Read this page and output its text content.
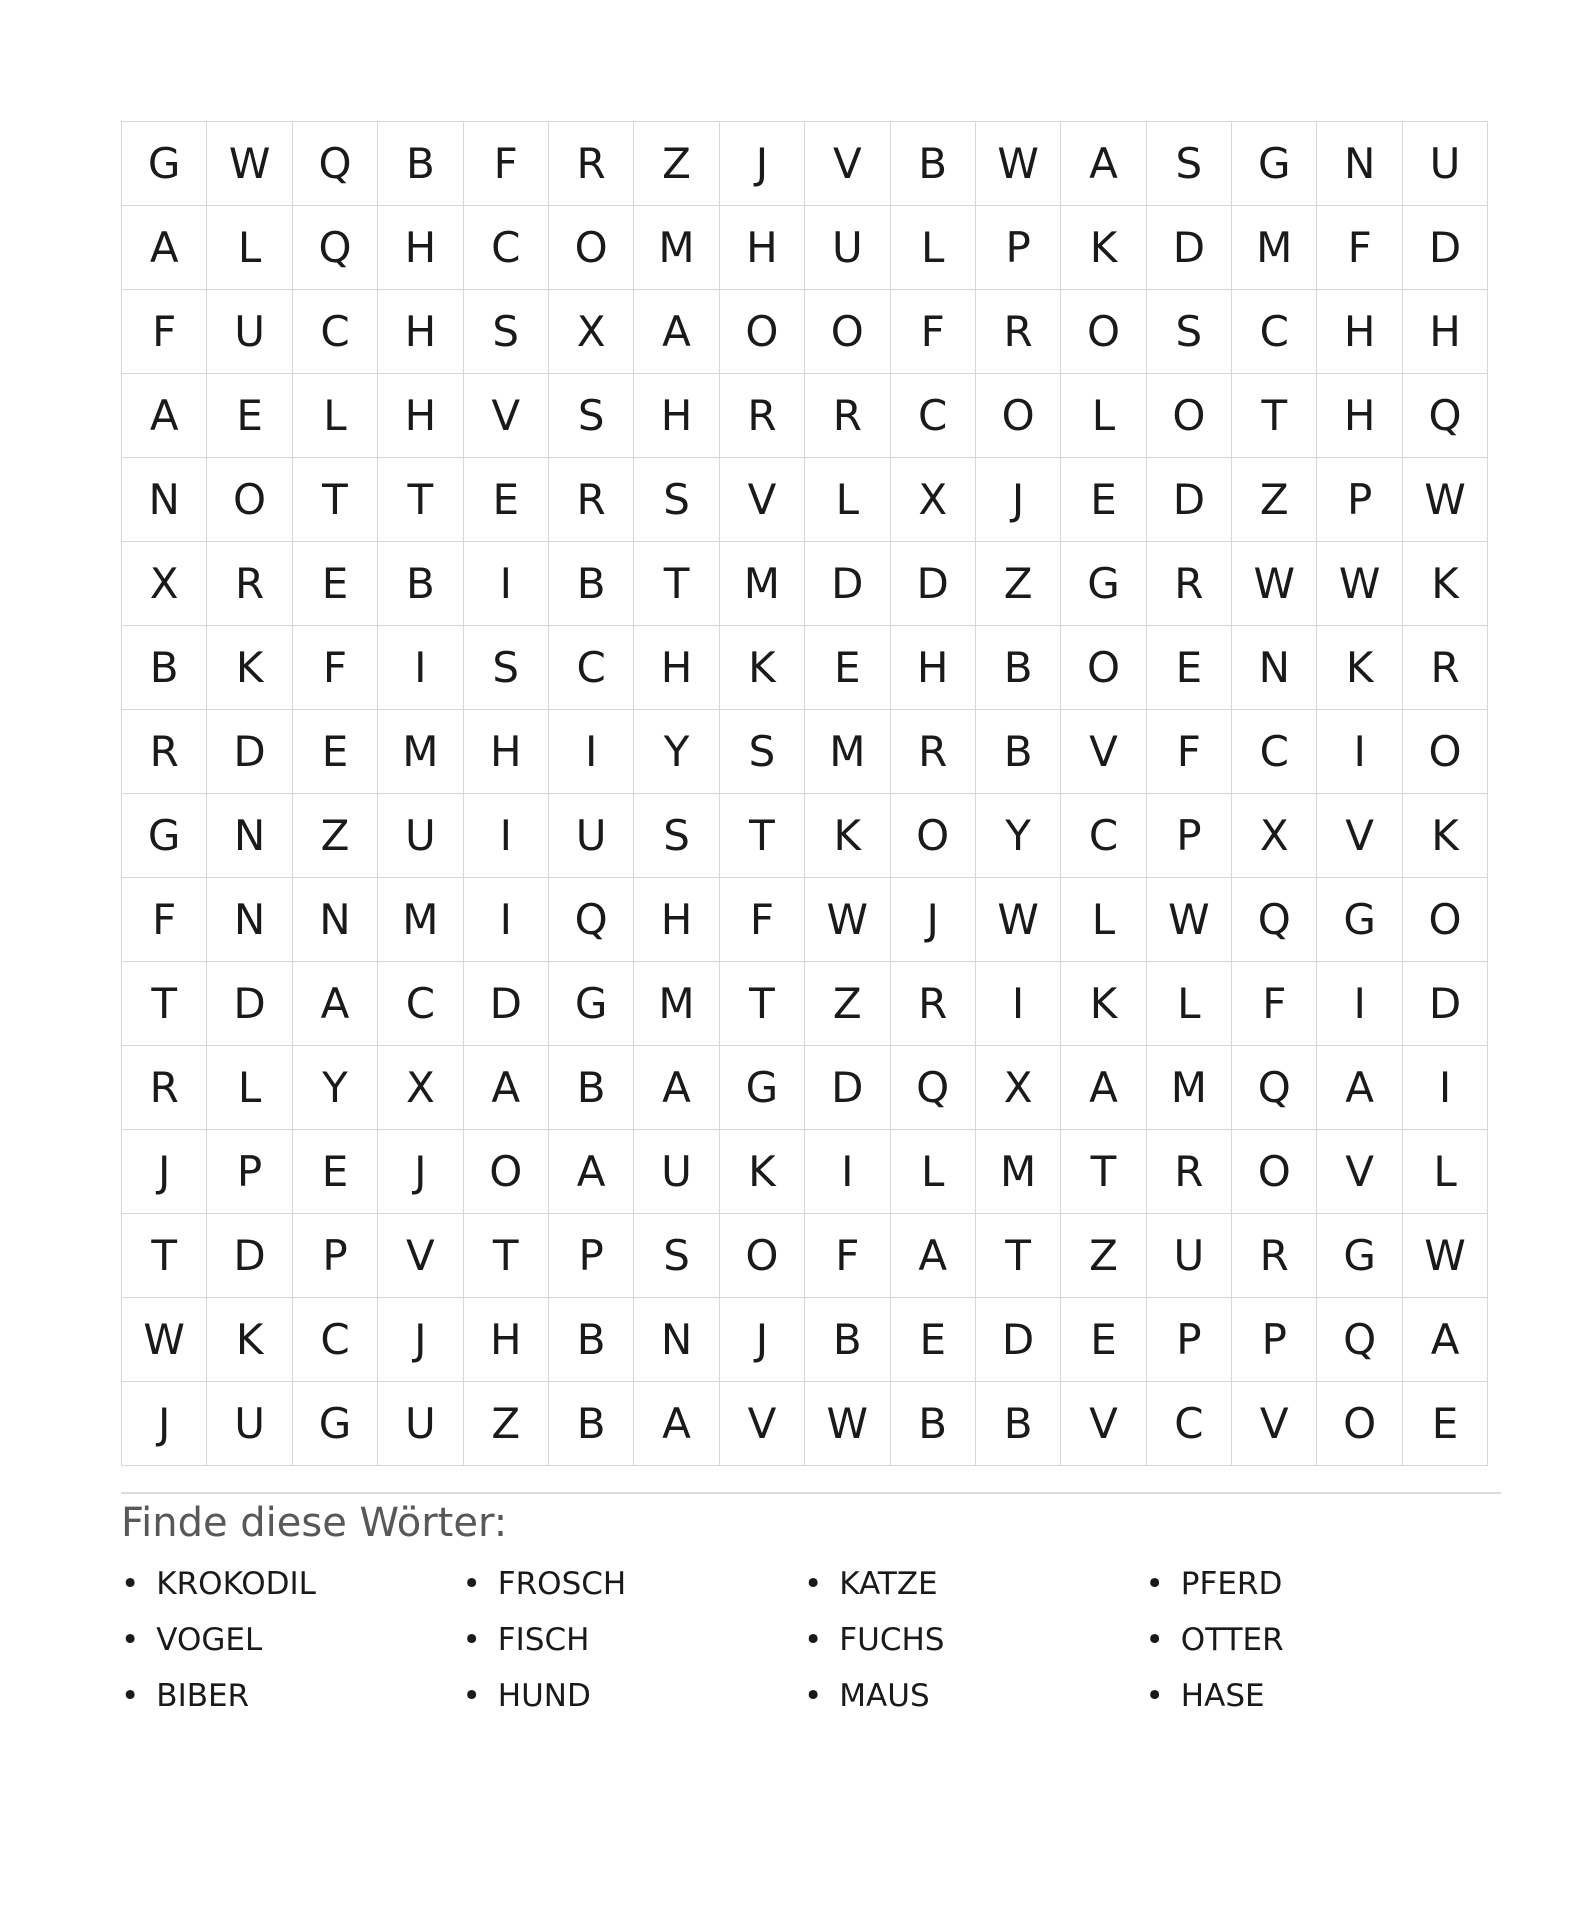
G	W	Q	B	F	R	Z	J	V	B	W	A	S	G	N	U
A	L	Q	H	C	O	M	H	U	L	P	K	D	M	F	D
F	U	C	H	S	X	A	O	O	F	R	O	S	C	H	H
A	E	L	H	V	S	H	R	R	C	O	L	O	T	H	Q
N	O	T	T	E	R	S	V	L	X	J	E	D	Z	P	W
X	R	E	B	I	B	T	M	D	D	Z	G	R	W	W	K
B	K	F	I	S	C	H	K	E	H	B	O	E	N	K	R
R	D	E	M	H	I	Y	S	M	R	B	V	F	C	I	O
G	N	Z	U	I	U	S	T	K	O	Y	C	P	X	V	K
F	N	N	M	I	Q	H	F	W	J	W	L	W	Q	G	O
T	D	A	C	D	G	M	T	Z	R	I	K	L	F	I	D
R	L	Y	X	A	B	A	G	D	Q	X	A	M	Q	A	I
J	P	E	J	O	A	U	K	I	L	M	T	R	O	V	L
T	D	P	V	T	P	S	O	F	A	T	Z	U	R	G	W
W	K	C	J	H	B	N	J	B	E	D	E	P	P	Q	A
J	U	G	U	Z	B	A	V	W	B	B	V	C	V	O	E
Finde diese Wörter:
• KROKODIL
• VOGEL
• BIBER
• FROSCH
• FISCH
• HUND
• KATZE
• FUCHS
• MAUS
• PFERD
• OTTER
• HASE
